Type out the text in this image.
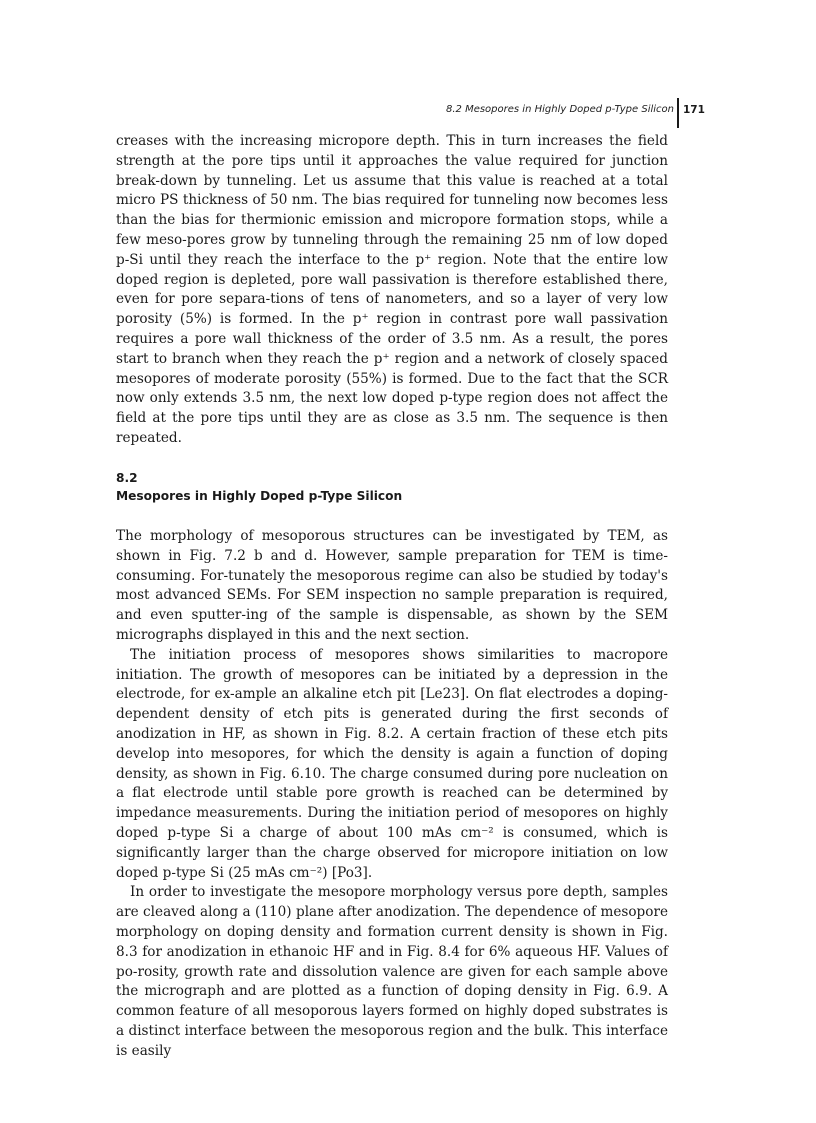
8.2 Mesopores in Highly Doped p-Type Silicon 171

creases with the increasing micropore depth. This in turn increases the field strength at the pore tips until it approaches the value required for junction break-down by tunneling. Let us assume that this value is reached at a total micro PS thickness of 50 nm. The bias required for tunneling now becomes less than the bias for thermionic emission and micropore formation stops, while a few meso-pores grow by tunneling through the remaining 25 nm of low doped p-Si until they reach the interface to the p⁺ region. Note that the entire low doped region is depleted, pore wall passivation is therefore established there, even for pore separa-tions of tens of nanometers, and so a layer of very low porosity (5%) is formed. In the p⁺ region in contrast pore wall passivation requires a pore wall thickness of the order of 3.5 nm. As a result, the pores start to branch when they reach the p⁺ region and a network of closely spaced mesopores of moderate porosity (55%) is formed. Due to the fact that the SCR now only extends 3.5 nm, the next low doped p-type region does not affect the field at the pore tips until they are as close as 3.5 nm. The sequence is then repeated.

8.2
Mesopores in Highly Doped p-Type Silicon

The morphology of mesoporous structures can be investigated by TEM, as shown in Fig. 7.2 b and d. However, sample preparation for TEM is time-consuming. For-tunately the mesoporous regime can also be studied by today's most advanced SEMs. For SEM inspection no sample preparation is required, and even sputter-ing of the sample is dispensable, as shown by the SEM micrographs displayed in this and the next section.

The initiation process of mesopores shows similarities to macropore initiation. The growth of mesopores can be initiated by a depression in the electrode, for ex-ample an alkaline etch pit [Le23]. On flat electrodes a doping-dependent density of etch pits is generated during the first seconds of anodization in HF, as shown in Fig. 8.2. A certain fraction of these etch pits develop into mesopores, for which the density is again a function of doping density, as shown in Fig. 6.10. The charge consumed during pore nucleation on a flat electrode until stable pore growth is reached can be determined by impedance measurements. During the initiation period of mesopores on highly doped p-type Si a charge of about 100 mAs cm⁻² is consumed, which is significantly larger than the charge observed for micropore initiation on low doped p-type Si (25 mAs cm⁻²) [Po3].

In order to investigate the mesopore morphology versus pore depth, samples are cleaved along a (110) plane after anodization. The dependence of mesopore morphology on doping density and formation current density is shown in Fig. 8.3 for anodization in ethanoic HF and in Fig. 8.4 for 6% aqueous HF. Values of po-rosity, growth rate and dissolution valence are given for each sample above the micrograph and are plotted as a function of doping density in Fig. 6.9. A common feature of all mesoporous layers formed on highly doped substrates is a distinct interface between the mesoporous region and the bulk. This interface is easily
